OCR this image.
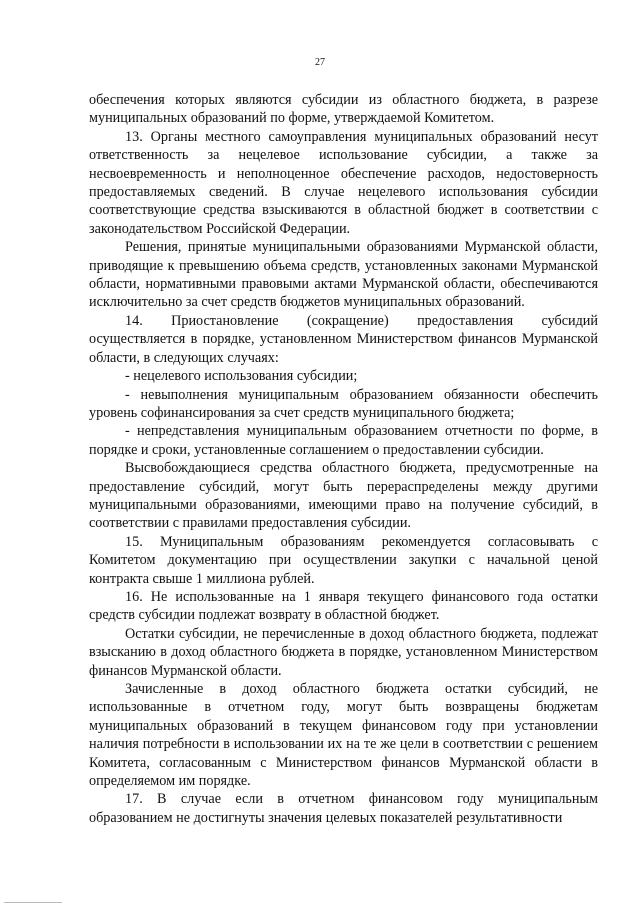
27

обеспечения которых являются субсидии из областного бюджета, в разрезе муниципальных образований по форме, утверждаемой Комитетом.

13. Органы местного самоуправления муниципальных образований несут ответственность за нецелевое использование субсидии, а также за несвоевременность и неполноценное обеспечение расходов, недостоверность предоставляемых сведений. В случае нецелевого использования субсидии соответствующие средства взыскиваются в областной бюджет в соответствии с законодательством Российской Федерации.

Решения, принятые муниципальными образованиями Мурманской области, приводящие к превышению объема средств, установленных законами Мурманской области, нормативными правовыми актами Мурманской области, обеспечиваются исключительно за счет средств бюджетов муниципальных образований.

14. Приостановление (сокращение) предоставления субсидий осуществляется в порядке, установленном Министерством финансов Мурманской области, в следующих случаях:

- нецелевого использования субсидии;

- невыполнения муниципальным образованием обязанности обеспечить уровень софинансирования за счет средств муниципального бюджета;

- непредставления муниципальным образованием отчетности по форме, в порядке и сроки, установленные соглашением о предоставлении субсидии.

Высвобождающиеся средства областного бюджета, предусмотренные на предоставление субсидий, могут быть перераспределены между другими муниципальными образованиями, имеющими право на получение субсидий, в соответствии с правилами предоставления субсидии.

15. Муниципальным образованиям рекомендуется согласовывать с Комитетом документацию при осуществлении закупки с начальной ценой контракта свыше 1 миллиона рублей.

16. Не использованные на 1 января текущего финансового года остатки средств субсидии подлежат возврату в областной бюджет.

Остатки субсидии, не перечисленные в доход областного бюджета, подлежат взысканию в доход областного бюджета в порядке, установленном Министерством финансов Мурманской области.

Зачисленные в доход областного бюджета остатки субсидий, не использованные в отчетном году, могут быть возвращены бюджетам муниципальных образований в текущем финансовом году при установлении наличия потребности в использовании их на те же цели в соответствии с решением Комитета, согласованным с Министерством финансов Мурманской области в определяемом им порядке.

17. В случае если в отчетном финансовом году муниципальным образованием не достигнуты значения целевых показателей результативности
